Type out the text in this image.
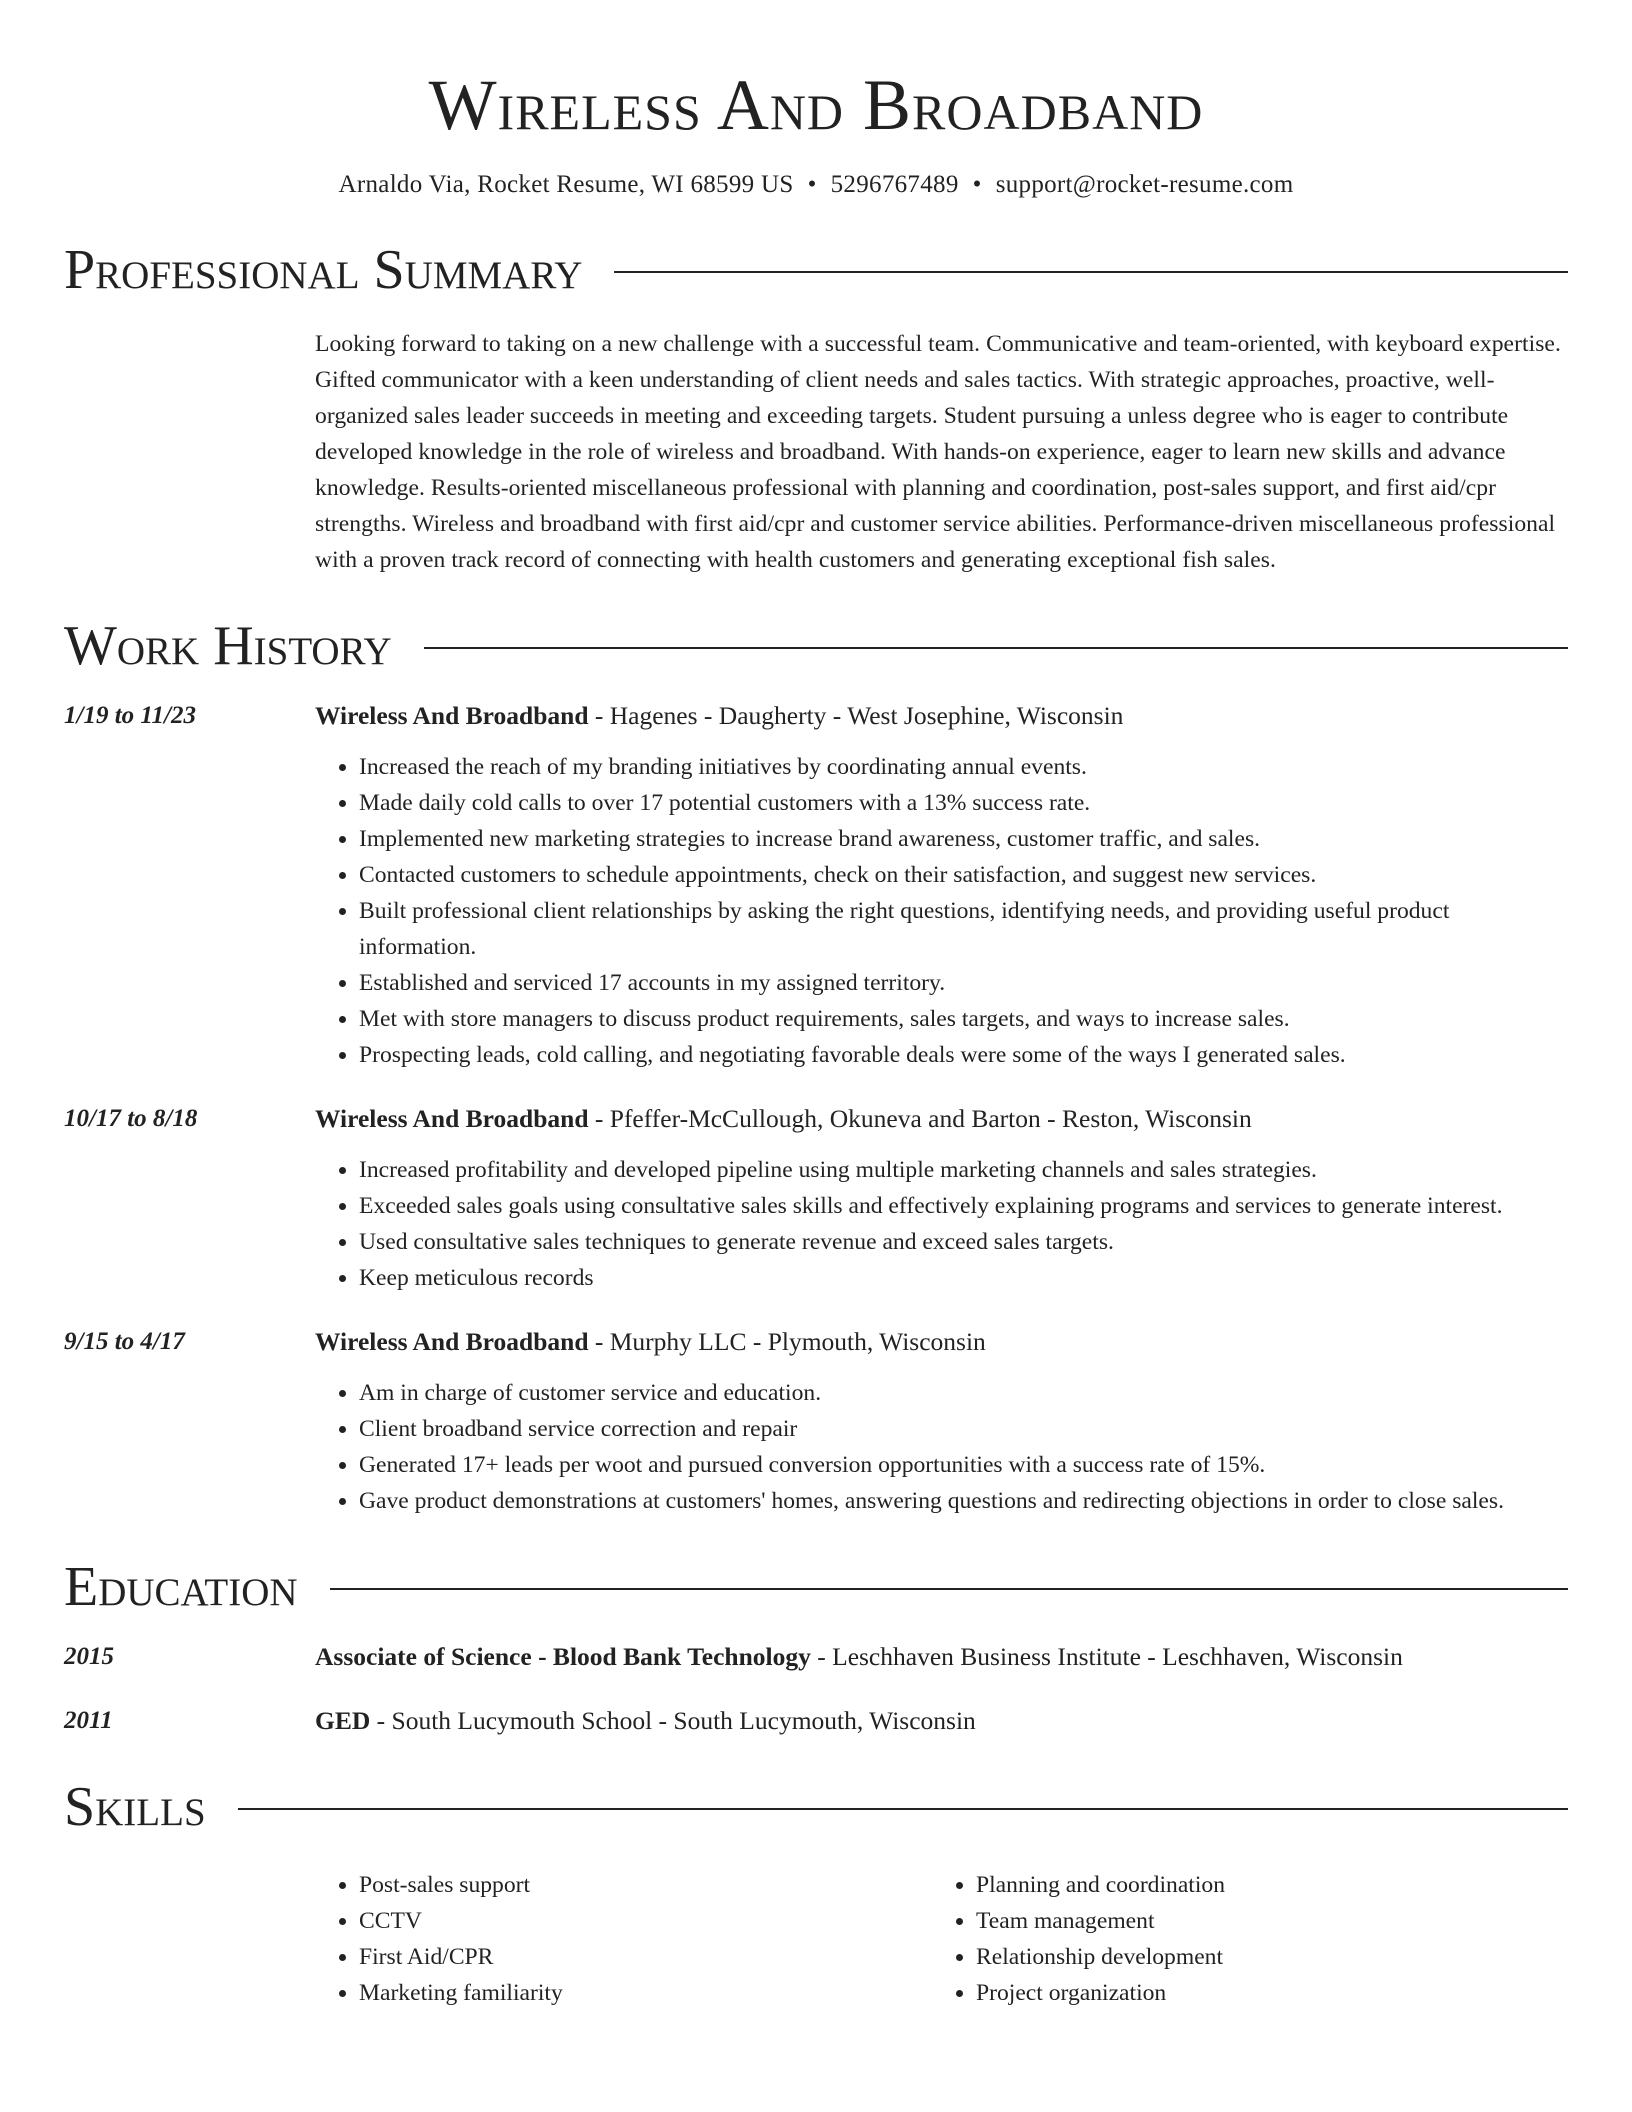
Wireless And Broadband
Arnaldo Via, Rocket Resume, WI 68599 US • 5296767489 • support@rocket-resume.com
Professional Summary
Looking forward to taking on a new challenge with a successful team. Communicative and team-oriented, with keyboard expertise. Gifted communicator with a keen understanding of client needs and sales tactics. With strategic approaches, proactive, well-organized sales leader succeeds in meeting and exceeding targets. Student pursuing a unless degree who is eager to contribute developed knowledge in the role of wireless and broadband. With hands-on experience, eager to learn new skills and advance knowledge. Results-oriented miscellaneous professional with planning and coordination, post-sales support, and first aid/cpr strengths. Wireless and broadband with first aid/cpr and customer service abilities. Performance-driven miscellaneous professional with a proven track record of connecting with health customers and generating exceptional fish sales.
Work History
1/19 to 11/23	Wireless And Broadband - Hagenes - Daugherty - West Josephine, Wisconsin
• Increased the reach of my branding initiatives by coordinating annual events.
• Made daily cold calls to over 17 potential customers with a 13% success rate.
• Implemented new marketing strategies to increase brand awareness, customer traffic, and sales.
• Contacted customers to schedule appointments, check on their satisfaction, and suggest new services.
• Built professional client relationships by asking the right questions, identifying needs, and providing useful product information.
• Established and serviced 17 accounts in my assigned territory.
• Met with store managers to discuss product requirements, sales targets, and ways to increase sales.
• Prospecting leads, cold calling, and negotiating favorable deals were some of the ways I generated sales.
10/17 to 8/18	Wireless And Broadband - Pfeffer-McCullough, Okuneva and Barton - Reston, Wisconsin
• Increased profitability and developed pipeline using multiple marketing channels and sales strategies.
• Exceeded sales goals using consultative sales skills and effectively explaining programs and services to generate interest.
• Used consultative sales techniques to generate revenue and exceed sales targets.
• Keep meticulous records
9/15 to 4/17	Wireless And Broadband - Murphy LLC - Plymouth, Wisconsin
• Am in charge of customer service and education.
• Client broadband service correction and repair
• Generated 17+ leads per woot and pursued conversion opportunities with a success rate of 15%.
• Gave product demonstrations at customers' homes, answering questions and redirecting objections in order to close sales.
Education
2015	Associate of Science - Blood Bank Technology - Leschhaven Business Institute - Leschhaven, Wisconsin
2011	GED - South Lucymouth School - South Lucymouth, Wisconsin
Skills
• Post-sales support
• CCTV
• First Aid/CPR
• Marketing familiarity
• Planning and coordination
• Team management
• Relationship development
• Project organization
